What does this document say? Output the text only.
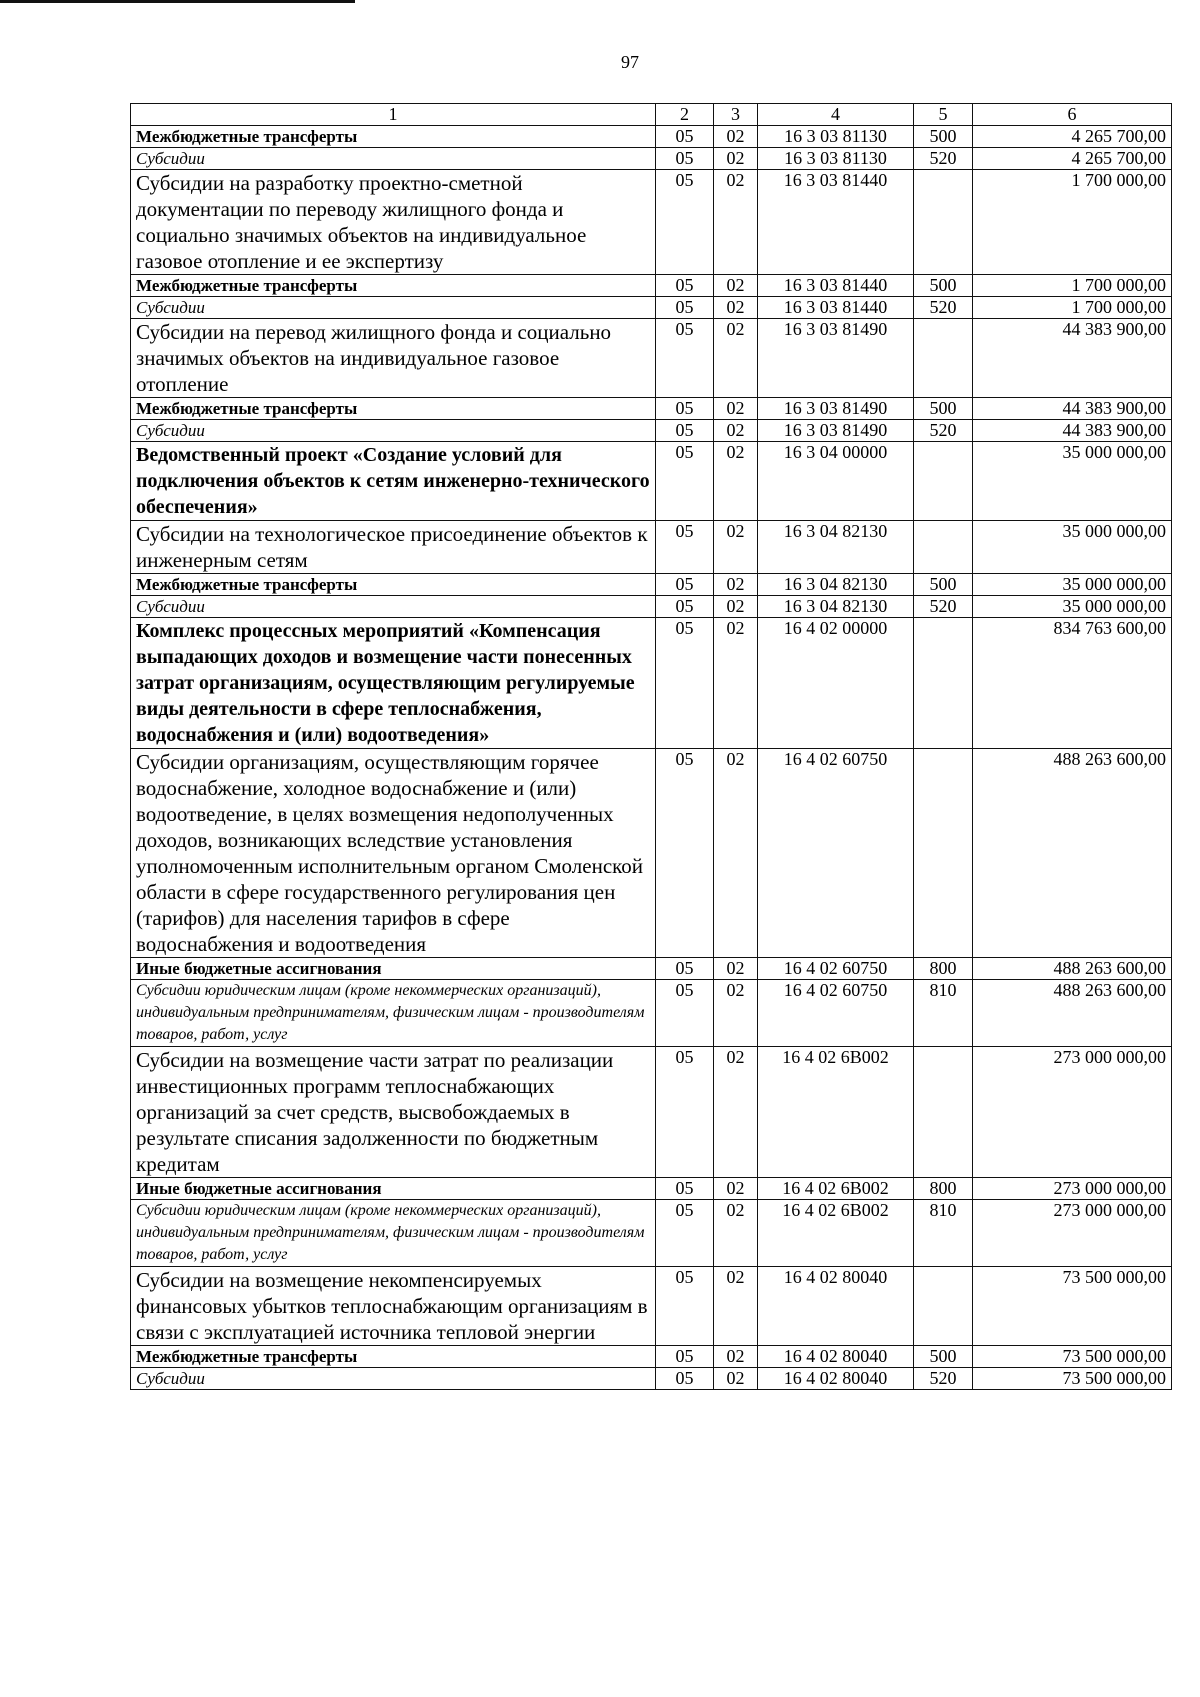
97
1	2	3	4	5	6
Межбюджетные трансферты	05	02	16 3 03 81130	500	4 265 700,00
Субсидии	05	02	16 3 03 81130	520	4 265 700,00
Субсидии на разработку проектно-сметной документации по переводу жилищного фонда и социально значимых объектов на индивидуальное газовое отопление и ее экспертизу	05	02	16 3 03 81440		1 700 000,00
Межбюджетные трансферты	05	02	16 3 03 81440	500	1 700 000,00
Субсидии	05	02	16 3 03 81440	520	1 700 000,00
Субсидии на перевод жилищного фонда и социально значимых объектов на индивидуальное газовое отопление	05	02	16 3 03 81490		44 383 900,00
Межбюджетные трансферты	05	02	16 3 03 81490	500	44 383 900,00
Субсидии	05	02	16 3 03 81490	520	44 383 900,00
Ведомственный проект «Создание условий для подключения объектов к сетям инженерно-технического обеспечения»	05	02	16 3 04 00000		35 000 000,00
Субсидии на технологическое присоединение объектов к инженерным сетям	05	02	16 3 04 82130		35 000 000,00
Межбюджетные трансферты	05	02	16 3 04 82130	500	35 000 000,00
Субсидии	05	02	16 3 04 82130	520	35 000 000,00
Комплекс процессных мероприятий «Компенсация выпадающих доходов и возмещение части понесенных затрат организациям, осуществляющим регулируемые виды деятельности в сфере теплоснабжения, водоснабжения и (или) водоотведения»	05	02	16 4 02 00000		834 763 600,00
Субсидии организациям, осуществляющим горячее водоснабжение, холодное водоснабжение и (или) водоотведение, в целях возмещения недополученных доходов, возникающих вследствие установления уполномоченным исполнительным органом Смоленской области в сфере государственного регулирования цен (тарифов) для населения тарифов в сфере водоснабжения и водоотведения	05	02	16 4 02 60750		488 263 600,00
Иные бюджетные ассигнования	05	02	16 4 02 60750	800	488 263 600,00
Субсидии юридическим лицам (кроме некоммерческих организаций), индивидуальным предпринимателям, физическим лицам - производителям товаров, работ, услуг	05	02	16 4 02 60750	810	488 263 600,00
Субсидии на возмещение части затрат по реализации инвестиционных программ теплоснабжающих организаций за счет средств, высвобождаемых в результате списания задолженности по бюджетным кредитам	05	02	16 4 02 6В002		273 000 000,00
Иные бюджетные ассигнования	05	02	16 4 02 6В002	800	273 000 000,00
Субсидии юридическим лицам (кроме некоммерческих организаций), индивидуальным предпринимателям, физическим лицам - производителям товаров, работ, услуг	05	02	16 4 02 6В002	810	273 000 000,00
Субсидии на возмещение некомпенсируемых финансовых убытков теплоснабжающим организациям в связи с эксплуатацией источника тепловой энергии	05	02	16 4 02 80040		73 500 000,00
Межбюджетные трансферты	05	02	16 4 02 80040	500	73 500 000,00
Субсидии	05	02	16 4 02 80040	520	73 500 000,00
